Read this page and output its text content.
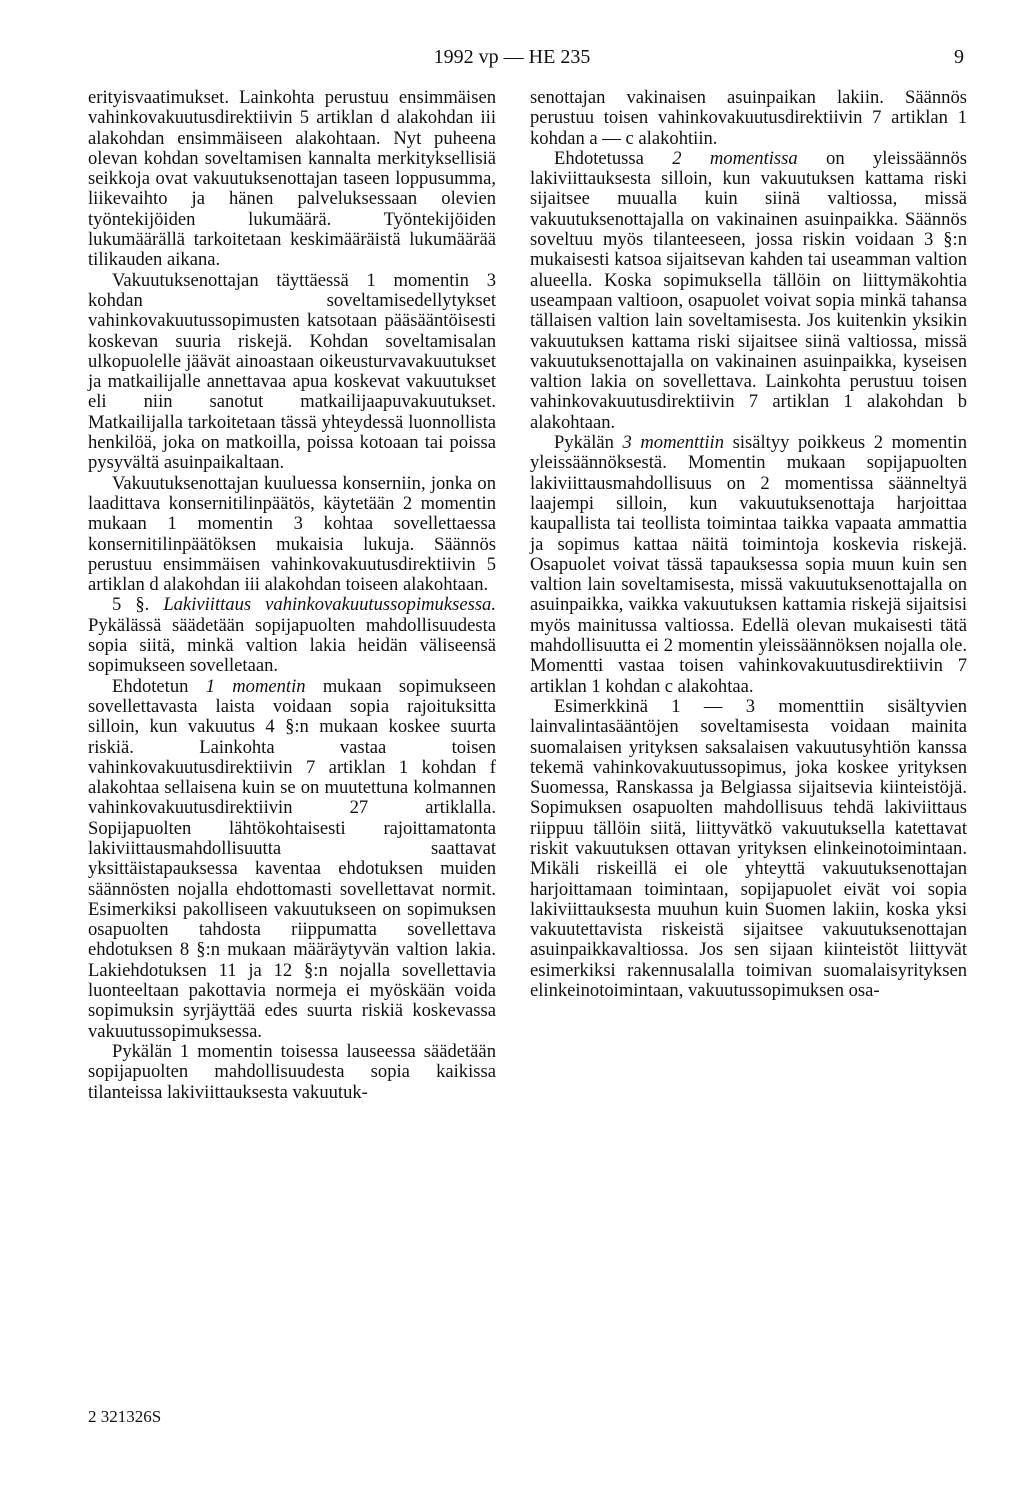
1992 vp — HE 235	9

erityisvaatimukset. Lainkohta perustuu ensimmäisen vahinkovakuutusdirektiivin 5 artiklan d alakohdan iii alakohdan ensimmäiseen alakohtaan. Nyt puheena olevan kohdan soveltamisen kannalta merkityksellisiä seikkoja ovat vakuutuksenottajan taseen loppusumma, liikevaihto ja hänen palveluksessaan olevien työntekijöiden lukumäärä. Työntekijöiden lukumäärällä tarkoitetaan keskimääräistä lukumäärää tilikauden aikana.

Vakuutuksenottajan täyttäessä 1 momentin 3 kohdan soveltamisedellytykset vahinkovakuutussopimusten katsotaan pääsääntöisesti koskevan suuria riskejä. Kohdan soveltamisalan ulkopuolelle jäävät ainoastaan oikeusturvavakuutukset ja matkailijalle annettavaa apua koskevat vakuutukset eli niin sanotut matkailijaapuvakuutukset. Matkailijalla tarkoitetaan tässä yhteydessä luonnollista henkilöä, joka on matkoilla, poissa kotoaan tai poissa pysyvältä asuinpaikaltaan.

Vakuutuksenottajan kuuluessa konserniin, jonka on laadittava konsernitilinpäätös, käytetään 2 momentin mukaan 1 momentin 3 kohtaa sovellettaessa konsernitilinpäätöksen mukaisia lukuja. Säännös perustuu ensimmäisen vahinkovakuutusdirektiivin 5 artiklan d alakohdan iii alakohdan toiseen alakohtaan.

5 §. Lakiviittaus vahinkovakuutussopimuksessa. Pykälässä säädetään sopijapuolten mahdollisuudesta sopia siitä, minkä valtion lakia heidän väliseensä sopimukseen sovelletaan.

Ehdotetun 1 momentin mukaan sopimukseen sovellettavasta laista voidaan sopia rajoituksitta silloin, kun vakuutus 4 §:n mukaan koskee suurta riskiä. Lainkohta vastaa toisen vahinkovakuutusdirektiivin 7 artiklan 1 kohdan f alakohtaa sellaisena kuin se on muutettuna kolmannen vahinkovakuutusdirektiivin 27 artiklalla. Sopijapuolten lähtökohtaisesti rajoittamatonta lakiviittausmahdollisuutta saattavat yksittäistapauksessa kaventaa ehdotuksen muiden säännösten nojalla ehdottomasti sovellettavat normit. Esimerkiksi pakolliseen vakuutukseen on sopimuksen osapuolten tahdosta riippumatta sovellettava ehdotuksen 8 §:n mukaan määräytyvän valtion lakia. Lakiehdotuksen 11 ja 12 §:n nojalla sovellettavia luonteeltaan pakottavia normeja ei myöskään voida sopimuksin syrjäyttää edes suurta riskiä koskevassa vakuutussopimuksessa.

Pykälän 1 momentin toisessa lauseessa säädetään sopijapuolten mahdollisuudesta sopia kaikissa tilanteissa lakiviittauksesta vakuutuk-

senottajan vakinaisen asuinpaikan lakiin. Säännös perustuu toisen vahinkovakuutusdirektiivin 7 artiklan 1 kohdan a — c alakohtiin.

Ehdotetussa 2 momentissa on yleissäännös lakiviittauksesta silloin, kun vakuutuksen kattama riski sijaitsee muualla kuin siinä valtiossa, missä vakuutuksenottajalla on vakinainen asuinpaikka. Säännös soveltuu myös tilanteeseen, jossa riskin voidaan 3 §:n mukaisesti katsoa sijaitsevan kahden tai useamman valtion alueella. Koska sopimuksella tällöin on liittymäkohtia useampaan valtioon, osapuolet voivat sopia minkä tahansa tällaisen valtion lain soveltamisesta. Jos kuitenkin yksikin vakuutuksen kattama riski sijaitsee siinä valtiossa, missä vakuutuksenottajalla on vakinainen asuinpaikka, kyseisen valtion lakia on sovellettava. Lainkohta perustuu toisen vahinkovakuutusdirektiivin 7 artiklan 1 alakohdan b alakohtaan.

Pykälän 3 momenttiin sisältyy poikkeus 2 momentin yleissäännöksestä. Momentin mukaan sopijapuolten lakiviittausmahdollisuus on 2 momentissa säänneltyä laajempi silloin, kun vakuutuksenottaja harjoittaa kaupallista tai teollista toimintaa taikka vapaata ammattia ja sopimus kattaa näitä toimintoja koskevia riskejä. Osapuolet voivat tässä tapauksessa sopia muun kuin sen valtion lain soveltamisesta, missä vakuutuksenottajalla on asuinpaikka, vaikka vakuutuksen kattamia riskejä sijaitsisi myös mainitussa valtiossa. Edellä olevan mukaisesti tätä mahdollisuutta ei 2 momentin yleissäännöksen nojalla ole. Momentti vastaa toisen vahinkovakuutusdirektiivin 7 artiklan 1 kohdan c alakohtaa.

Esimerkkinä 1 — 3 momenttiin sisältyvien lainvalintasääntöjen soveltamisesta voidaan mainita suomalaisen yrityksen saksalaisen vakuutusyhtiön kanssa tekemä vahinkovakuutussopimus, joka koskee yrityksen Suomessa, Ranskassa ja Belgiassa sijaitsevia kiinteistöjä. Sopimuksen osapuolten mahdollisuus tehdä lakiviittaus riippuu tällöin siitä, liittyvätkö vakuutuksella katettavat riskit vakuutuksen ottavan yrityksen elinkeinotoimintaan. Mikäli riskeillä ei ole yhteyttä vakuutuksenottajan harjoittamaan toimintaan, sopijapuolet eivät voi sopia lakiviittauksesta muuhun kuin Suomen lakiin, koska yksi vakuutettavista riskeistä sijaitsee vakuutuksenottajan asuinpaikkavaltiossa. Jos sen sijaan kiinteistöt liittyvät esimerkiksi rakennusalalla toimivan suomalaisyrityksen elinkeinotoimintaan, vakuutussopimuksen osa-

2 321326S
